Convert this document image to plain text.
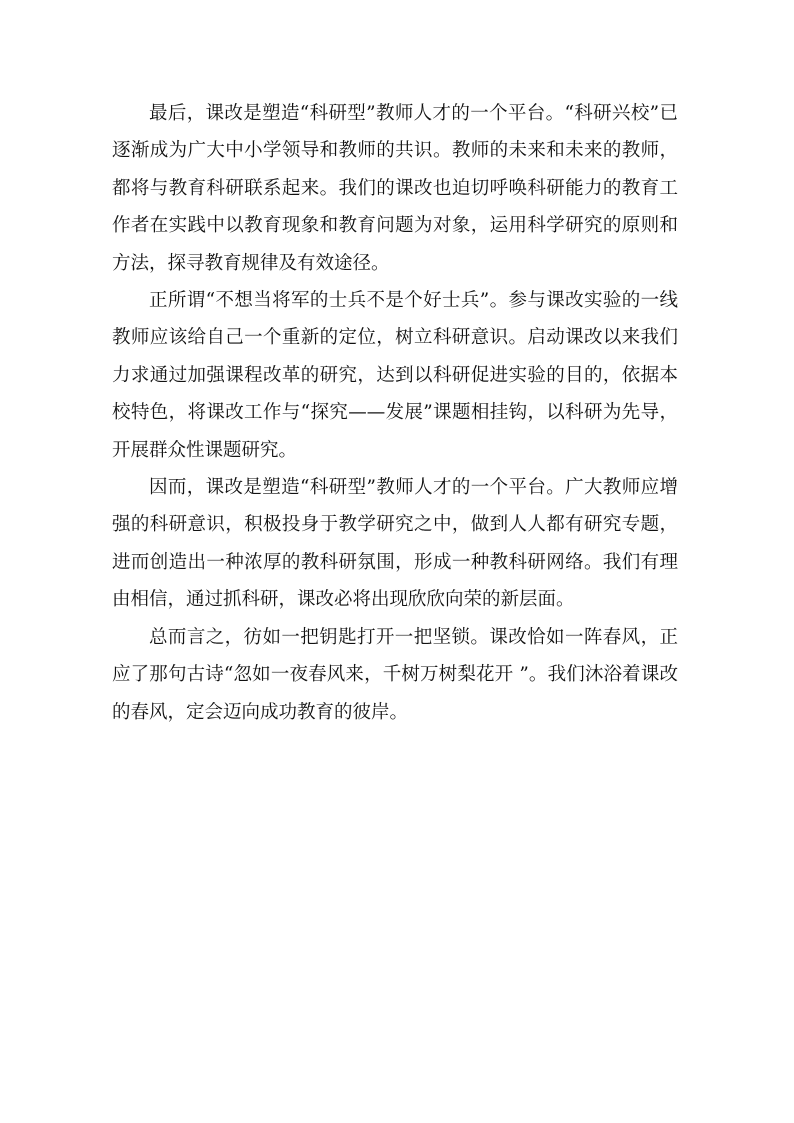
最后，课改是塑造“科研型”教师人才的一个平台。“科研兴校”已逐渐成为广大中小学领导和教师的共识。教师的未来和未来的教师，都将与教育科研联系起来。我们的课改也迫切呼唤科研能力的教育工作者在实践中以教育现象和教育问题为对象，运用科学研究的原则和方法，探寻教育规律及有效途径。

正所谓“不想当将军的士兵不是个好士兵”。参与课改实验的一线教师应该给自己一个重新的定位，树立科研意识。启动课改以来我们力求通过加强课程改革的研究，达到以科研促进实验的目的，依据本校特色，将课改工作与“探究——发展”课题相挂钩，以科研为先导，开展群众性课题研究。

因而，课改是塑造“科研型”教师人才的一个平台。广大教师应增强的科研意识，积极投身于教学研究之中，做到人人都有研究专题，进而创造出一种浓厚的教科研氛围，形成一种教科研网络。我们有理由相信，通过抓科研，课改必将出现欣欣向荣的新层面。

总而言之，彷如一把钥匙打开一把坚锁。课改恰如一阵春风，正应了那句古诗“忽如一夜春风来，千树万树梨花开 ”。我们沐浴着课改的春风，定会迈向成功教育的彼岸。
